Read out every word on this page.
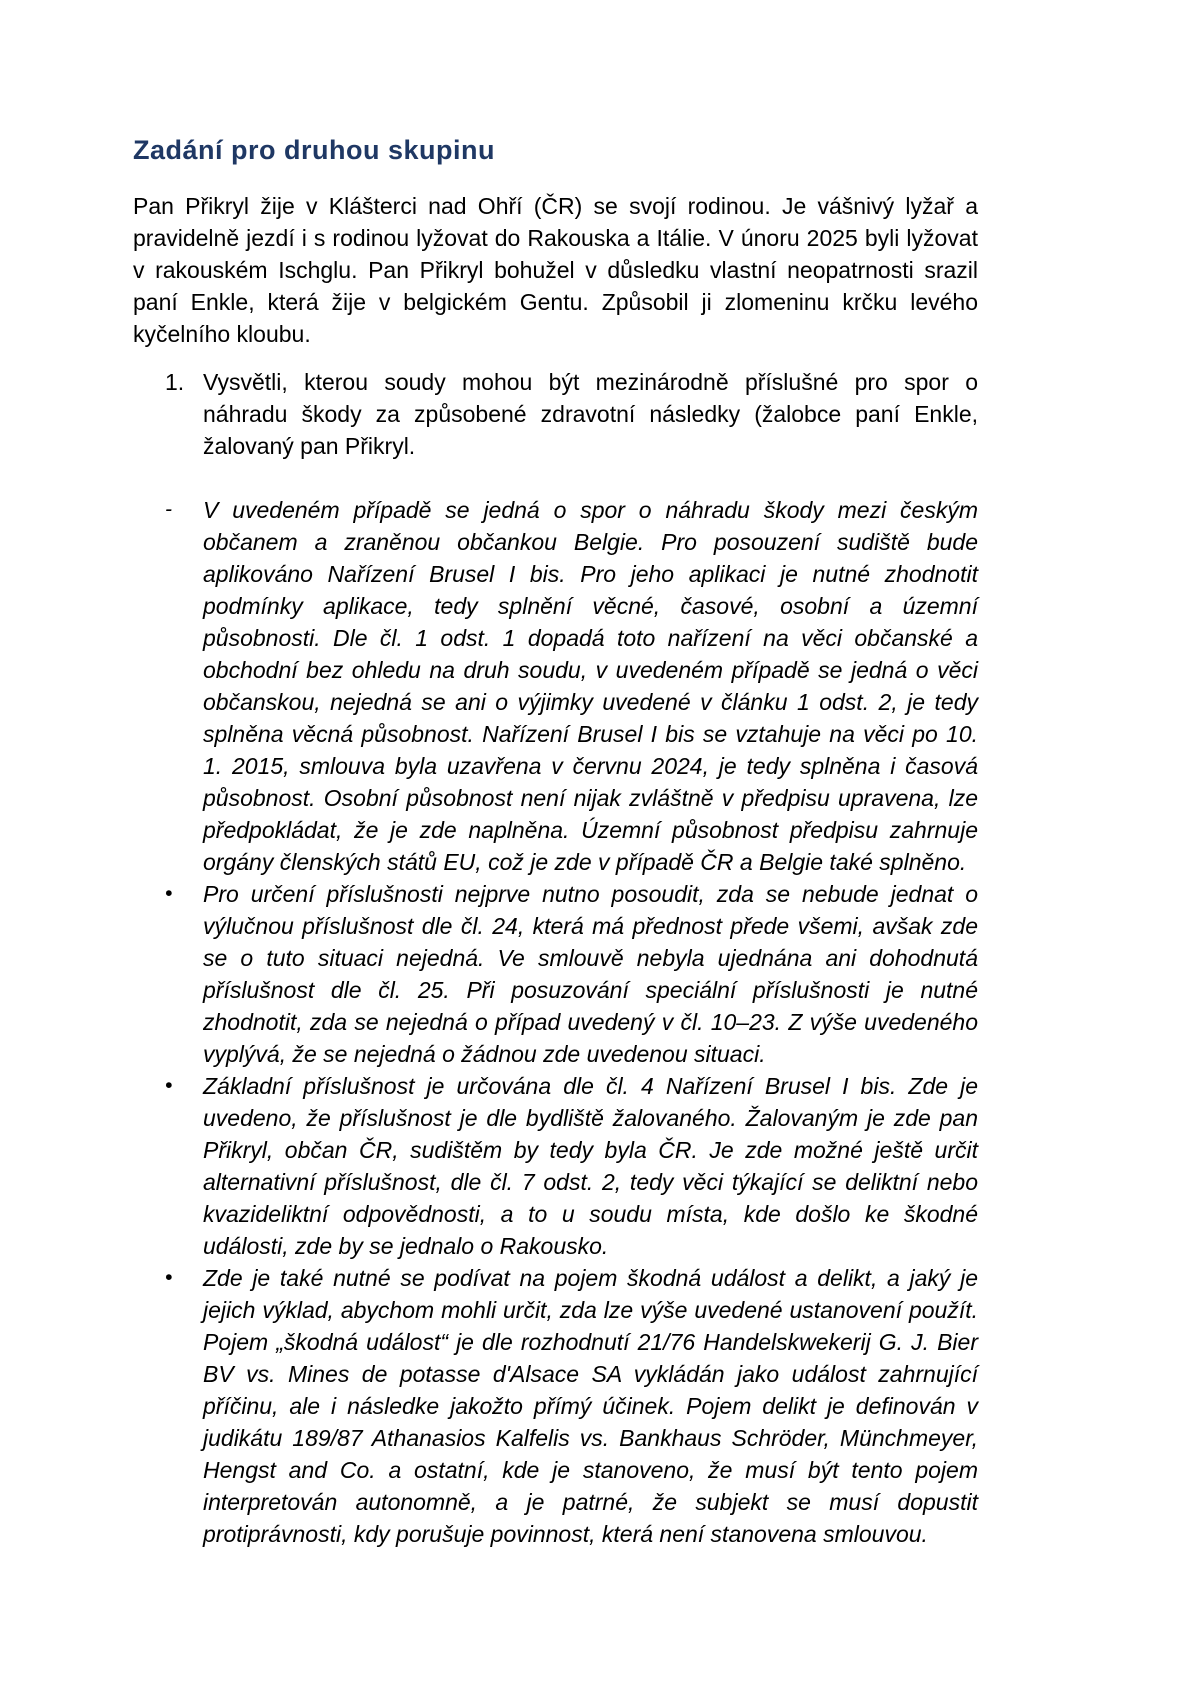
Zadání pro druhou skupinu

Pan Přikryl žije v Klášterci nad Ohří (ČR) se svojí rodinou. Je vášnivý lyžař a pravidelně jezdí i s rodinou lyžovat do Rakouska a Itálie. V únoru 2025 byli lyžovat v rakouském Ischglu. Pan Přikryl bohužel v důsledku vlastní neopatrnosti srazil paní Enkle, která žije v belgickém Gentu. Způsobil ji zlomeninu krčku levého kyčelního kloubu.

1. Vysvětli, kterou soudy mohou být mezinárodně příslušné pro spor o náhradu škody za způsobené zdravotní následky (žalobce paní Enkle, žalovaný pan Přikryl.
-	V uvedeném případě se jedná o spor o náhradu škody mezi českým občanem a zraněnou občankou Belgie. Pro posouzení sudiště bude aplikováno Nařízení Brusel I bis. Pro jeho aplikaci je nutné zhodnotit podmínky aplikace, tedy splnění věcné, časové, osobní a územní působnosti. Dle čl. 1 odst. 1 dopadá toto nařízení na věci občanské a obchodní bez ohledu na druh soudu, v uvedeném případě se jedná o věci občanskou, nejedná se ani o výjimky uvedené v článku 1 odst. 2, je tedy splněna věcná působnost. Nařízení Brusel I bis se vztahuje na věci po 10. 1. 2015, smlouva byla uzavřena v červnu 2024, je tedy splněna i časová působnost. Osobní působnost není nijak zvláštně v předpisu upravena, lze předpokládat, že je zde naplněna. Územní působnost předpisu zahrnuje orgány členských států EU, což je zde v případě ČR a Belgie také splněno.
•	Pro určení příslušnosti nejprve nutno posoudit, zda se nebude jednat o výlučnou příslušnost dle čl. 24, která má přednost přede všemi, avšak zde se o tuto situaci nejedná. Ve smlouvě nebyla ujednána ani dohodnutá příslušnost dle čl. 25. Při posuzování speciální příslušnosti je nutné zhodnotit, zda se nejedná o případ uvedený v čl. 10–23. Z výše uvedeného vyplývá, že se nejedná o žádnou zde uvedenou situaci.
•	Základní příslušnost je určována dle čl. 4 Nařízení Brusel I bis. Zde je uvedeno, že příslušnost je dle bydliště žalovaného. Žalovaným je zde pan Přikryl, občan ČR, sudištěm by tedy byla ČR. Je zde možné ještě určit alternativní příslušnost, dle čl. 7 odst. 2, tedy věci týkající se deliktní nebo kvazideliktní odpovědnosti, a to u soudu místa, kde došlo ke škodné události, zde by se jednalo o Rakousko.
•	Zde je také nutné se podívat na pojem škodná událost a delikt, a jaký je jejich výklad, abychom mohli určit, zda lze výše uvedené ustanovení použít. Pojem „škodná událost“ je dle rozhodnutí 21/76 Handelskwekerij G. J. Bier BV vs. Mines de potasse d'Alsace SA vykládán jako událost zahrnující příčinu, ale i následke jakožto přímý účinek. Pojem delikt je definován v judikátu 189/87 Athanasios Kalfelis vs. Bankhaus Schröder, Münchmeyer, Hengst and Co. a ostatní, kde je stanoveno, že musí být tento pojem interpretován autonomně, a je patrné, že subjekt se musí dopustit protiprávnosti, kdy porušuje povinnost, která není stanovena smlouvou.
